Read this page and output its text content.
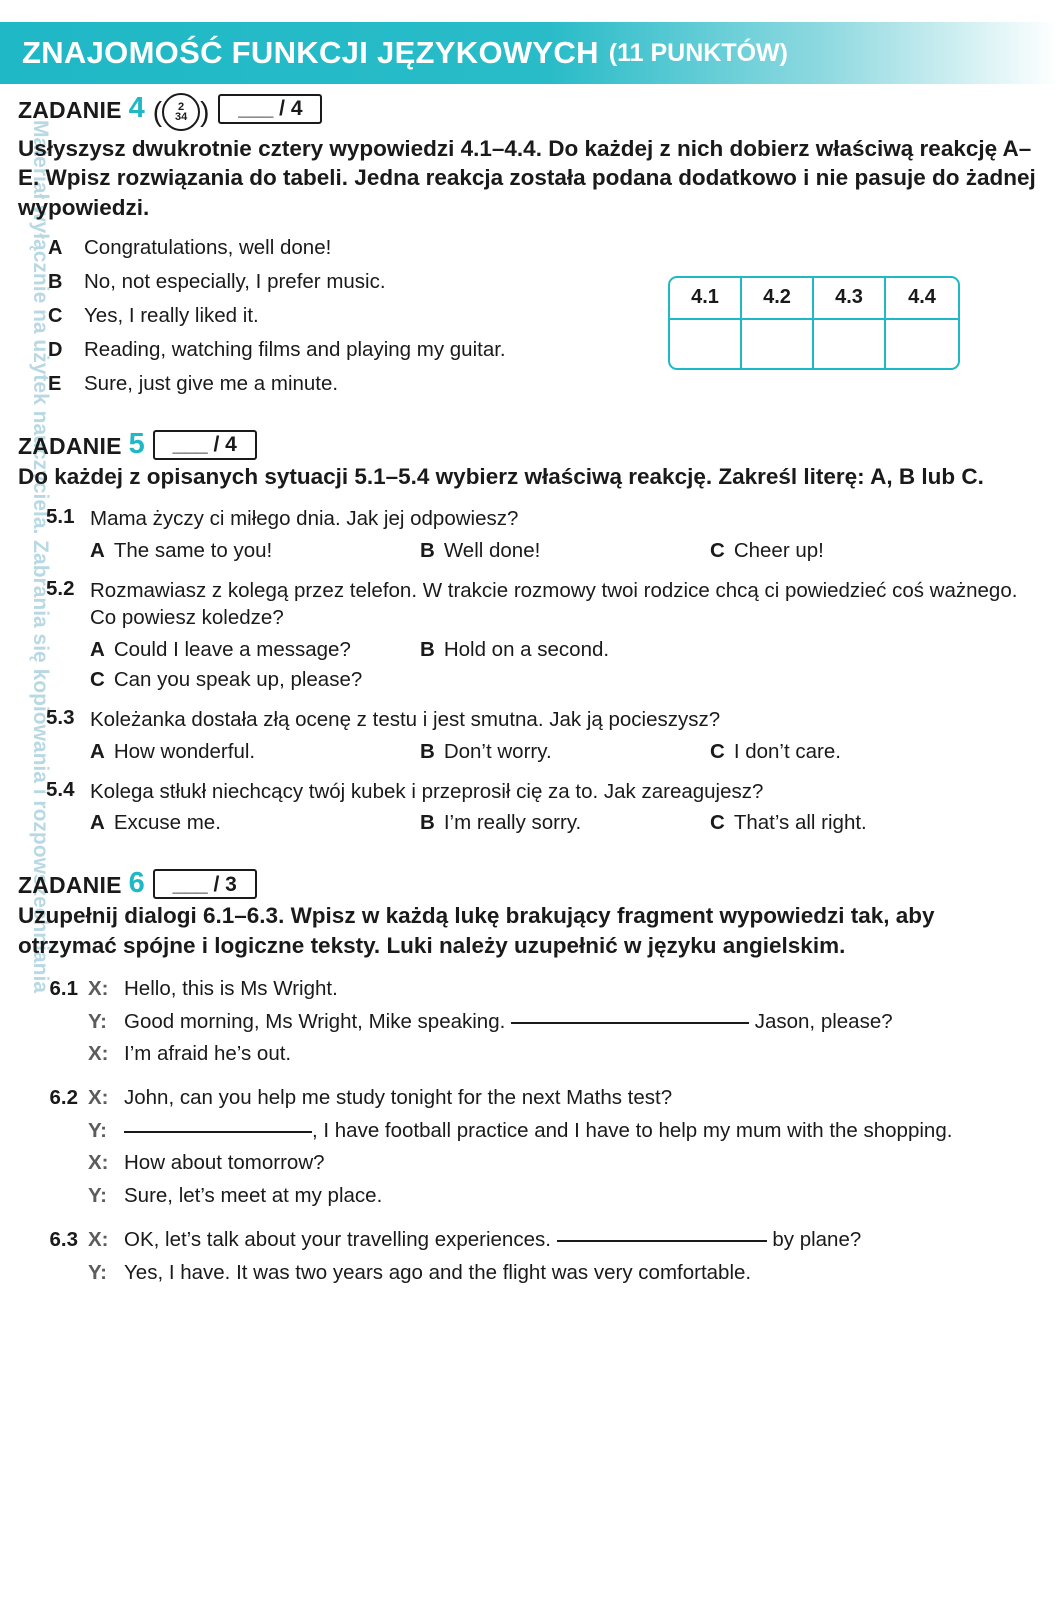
ZNAJOMOŚĆ FUNKCJI JĘZYKOWYCH (11 PUNKTÓW)
Materiał wyłącznie na użytek nauczyciela. Zabrania się kopiowania i rozpowszechniania
ZADANIE 4 ( 2
34 )	___ / 4
Usłyszysz dwukrotnie cztery wypowiedzi 4.1–4.4. Do każdej z nich dobierz właściwą reakcję A–E. Wpisz rozwiązania do tabeli. Jedna reakcja została podana dodatkowo i nie pasuje do żadnej wypowiedzi.
A	Congratulations, well done!
B	No, not especially, I prefer music.
C	Yes, I really liked it.
D	Reading, watching films and playing my guitar.
E	Sure, just give me a minute.
4.1	4.2	4.3	4.4
ZADANIE 5	___ / 4
Do każdej z opisanych sytuacji 5.1–5.4 wybierz właściwą reakcję. Zakreśl literę: A, B lub C.
5.1 Mama życzy ci miłego dnia. Jak jej odpowiesz?
A The same to you!	B Well done!	C Cheer up!
5.2 Rozmawiasz z kolegą przez telefon. W trakcie rozmowy twoi rodzice chcą ci powiedzieć coś ważnego. Co powiesz koledze?
A Could I leave a message?	B Hold on a second.
C Can you speak up, please?
5.3 Koleżanka dostała złą ocenę z testu i jest smutna. Jak ją pocieszysz?
A How wonderful.	B Don’t worry.	C I don’t care.
5.4 Kolega stłukł niechcący twój kubek i przeprosił cię za to. Jak zareagujesz?
A Excuse me.	B I’m really sorry.	C That’s all right.
ZADANIE 6	___ / 3
Uzupełnij dialogi 6.1–6.3. Wpisz w każdą lukę brakujący fragment wypowiedzi tak, aby otrzymać spójne i logiczne teksty. Luki należy uzupełnić w języku angielskim.
6.1 X: Hello, this is Ms Wright.
Y: Good morning, Ms Wright, Mike speaking.	Jason, please?
X: I’m afraid he’s out.
6.2 X: John, can you help me study tonight for the next Maths test?
Y:	, I have football practice and I have to help my mum with the shopping.
X: How about tomorrow?
Y: Sure, let’s meet at my place.
6.3 X: OK, let’s talk about your travelling experiences.	by plane?
Y: Yes, I have. It was two years ago and the flight was very comfortable.
